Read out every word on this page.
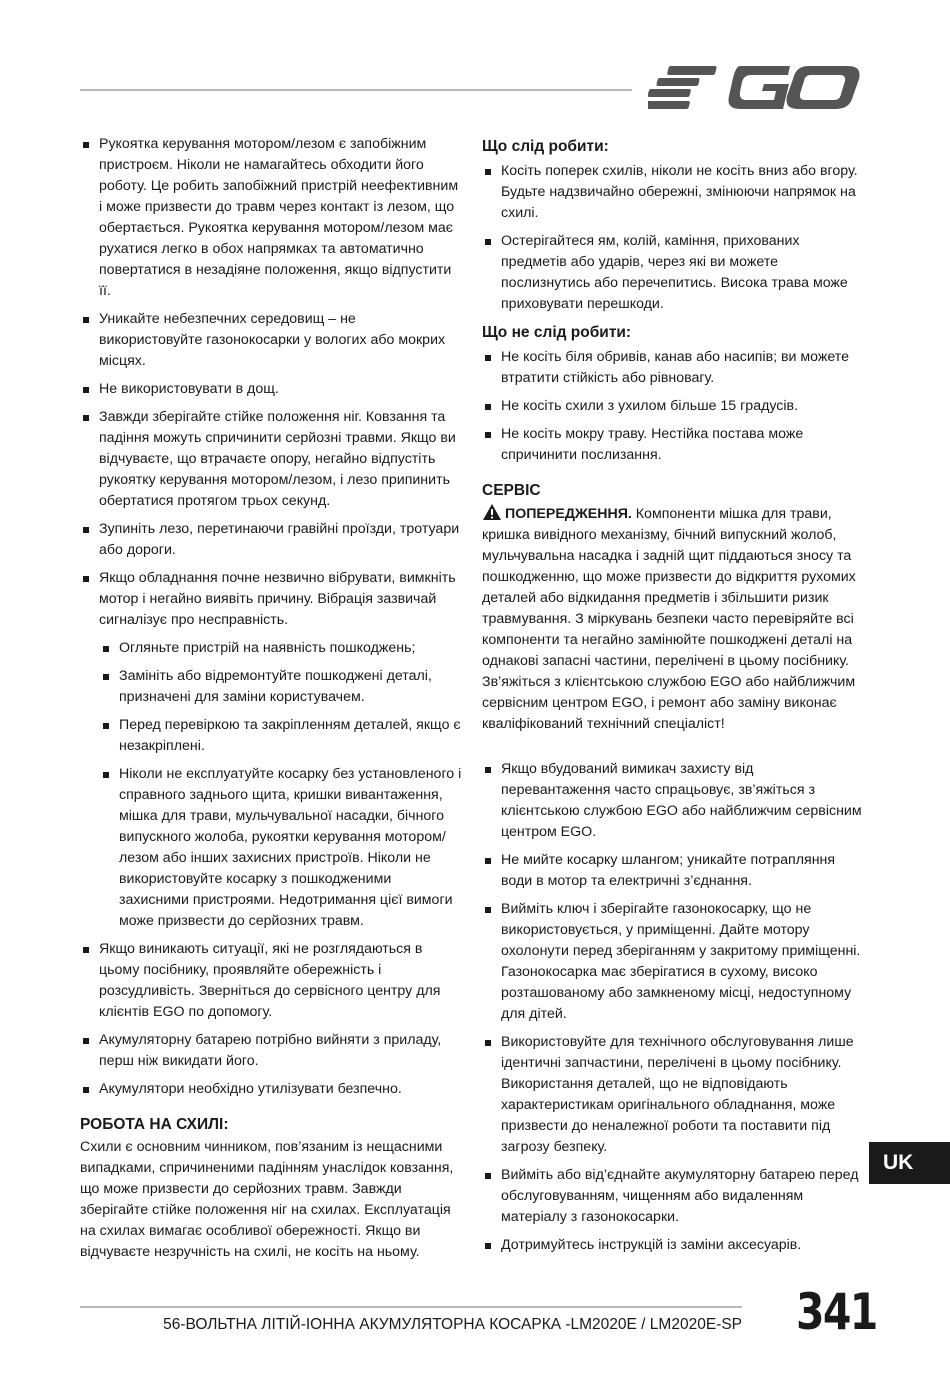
Рукоятка керування мотором/лезом є запобіжним пристроєм. Ніколи не намагайтесь обходити його роботу. Це робить запобіжний пристрій неефективним і може призвести до травм через контакт із лезом, що обертається. Рукоятка керування мотором/лезом має рухатися легко в обох напрямках та автоматично повертатися в незадіяне положення, якщо відпустити її.
Уникайте небезпечних середовищ – не використовуйте газонокосарки у вологих або мокрих місцях.
Не використовувати в дощ.
Завжди зберігайте стійке положення ніг. Ковзання та падіння можуть спричинити серйозні травми. Якщо ви відчуваєте, що втрачаєте опору, негайно відпустіть рукоятку керування мотором/лезом, і лезо припинить обертатися протягом трьох секунд.
Зупиніть лезо, перетинаючи гравійні проїзди, тротуари або дороги.
Якщо обладнання почне незвично вібрувати, вимкніть мотор і негайно виявіть причину. Вібрація зазвичай сигналізує про несправність.
Огляньте пристрій на наявність пошкоджень;
Замініть або відремонтуйте пошкоджені деталі, призначені для заміни користувачем.
Перед перевіркою та закріпленням деталей, якщо є незакріплені.
Ніколи не експлуатуйте косарку без установленого і справного заднього щита, кришки вивантаження, мішка для трави, мульчувальної насадки, бічного випускного жолоба, рукоятки керування мотором/лезом або інших захисних пристроїв. Ніколи не використовуйте косарку з пошкодженими захисними пристроями. Недотримання цієї вимоги може призвести до серйозних травм.
Якщо виникають ситуації, які не розглядаються в цьому посібнику, проявляйте обережність і розсудливість. Зверніться до сервісного центру для клієнтів EGO по допомогу.
Акумуляторну батарею потрібно вийняти з приладу, перш ніж викидати його.
Акумулятори необхідно утилізувати безпечно.
РОБОТА НА СХИЛІ:
Схили є основним чинником, пов’язаним із нещасними випадками, спричиненими падінням унаслідок ковзання, що може призвести до серйозних травм. Завжди зберігайте стійке положення ніг на схилах. Експлуатація на схилах вимагає особливої обережності. Якщо ви відчуваєте незручність на схилі, не косіть на ньому.
Що слід робити:
Косіть поперек схилів, ніколи не косіть вниз або вгору. Будьте надзвичайно обережні, змінюючи напрямок на схилі.
Остерігайтеся ям, колій, каміння, прихованих предметів або ударів, через які ви можете послизнутись або перечепитись. Висока трава може приховувати перешкоди.
Що не слід робити:
Не косіть біля обривів, канав або насипів; ви можете втратити стійкість або рівновагу.
Не косіть схили з ухилом більше 15 градусів.
Не косіть мокру траву. Нестійка постава може спричинити послизання.
СЕРВІС
ПОПЕРЕДЖЕННЯ. Компоненти мішка для трави, кришка вивідного механізму, бічний випускний жолоб, мульчувальна насадка і задній щит піддаються зносу та пошкодженню, що може призвести до відкриття рухомих деталей або відкидання предметів і збільшити ризик травмування. З міркувань безпеки часто перевіряйте всі компоненти та негайно замінюйте пошкоджені деталі на однакові запасні частини, перелічені в цьому посібнику. Зв’яжіться з клієнтською службою EGO або найближчим сервісним центром EGO, і ремонт або заміну виконає кваліфікований технічний спеціаліст!
Якщо вбудований вимикач захисту від перевантаження часто спрацьовує, зв’яжіться з клієнтською службою EGO або найближчим сервісним центром EGO.
Не мийте косарку шлангом; уникайте потрапляння води в мотор та електричні з’єднання.
Вийміть ключ і зберігайте газонокосарку, що не використовується, у приміщенні. Дайте мотору охолонути перед зберіганням у закритому приміщенні. Газонокосарка має зберігатися в сухому, високо розташованому або замкненому місці, недоступному для дітей.
Використовуйте для технічного обслуговування лише ідентичні запчастини, перелічені в цьому посібнику. Використання деталей, що не відповідають характеристикам оригінального обладнання, може призвести до неналежної роботи та поставити під загрозу безпеку.
Вийміть або від’єднайте акумуляторну батарею перед обслуговуванням, чищенням або видаленням матеріалу з газонокосарки.
Дотримуйтесь інструкцій із заміни аксесуарів.
UK
56-ВОЛЬТНА ЛІТІЙ-ІОННА АКУМУЛЯТОРНА КОСАРКА -LM2020E / LM2020E-SP 341
